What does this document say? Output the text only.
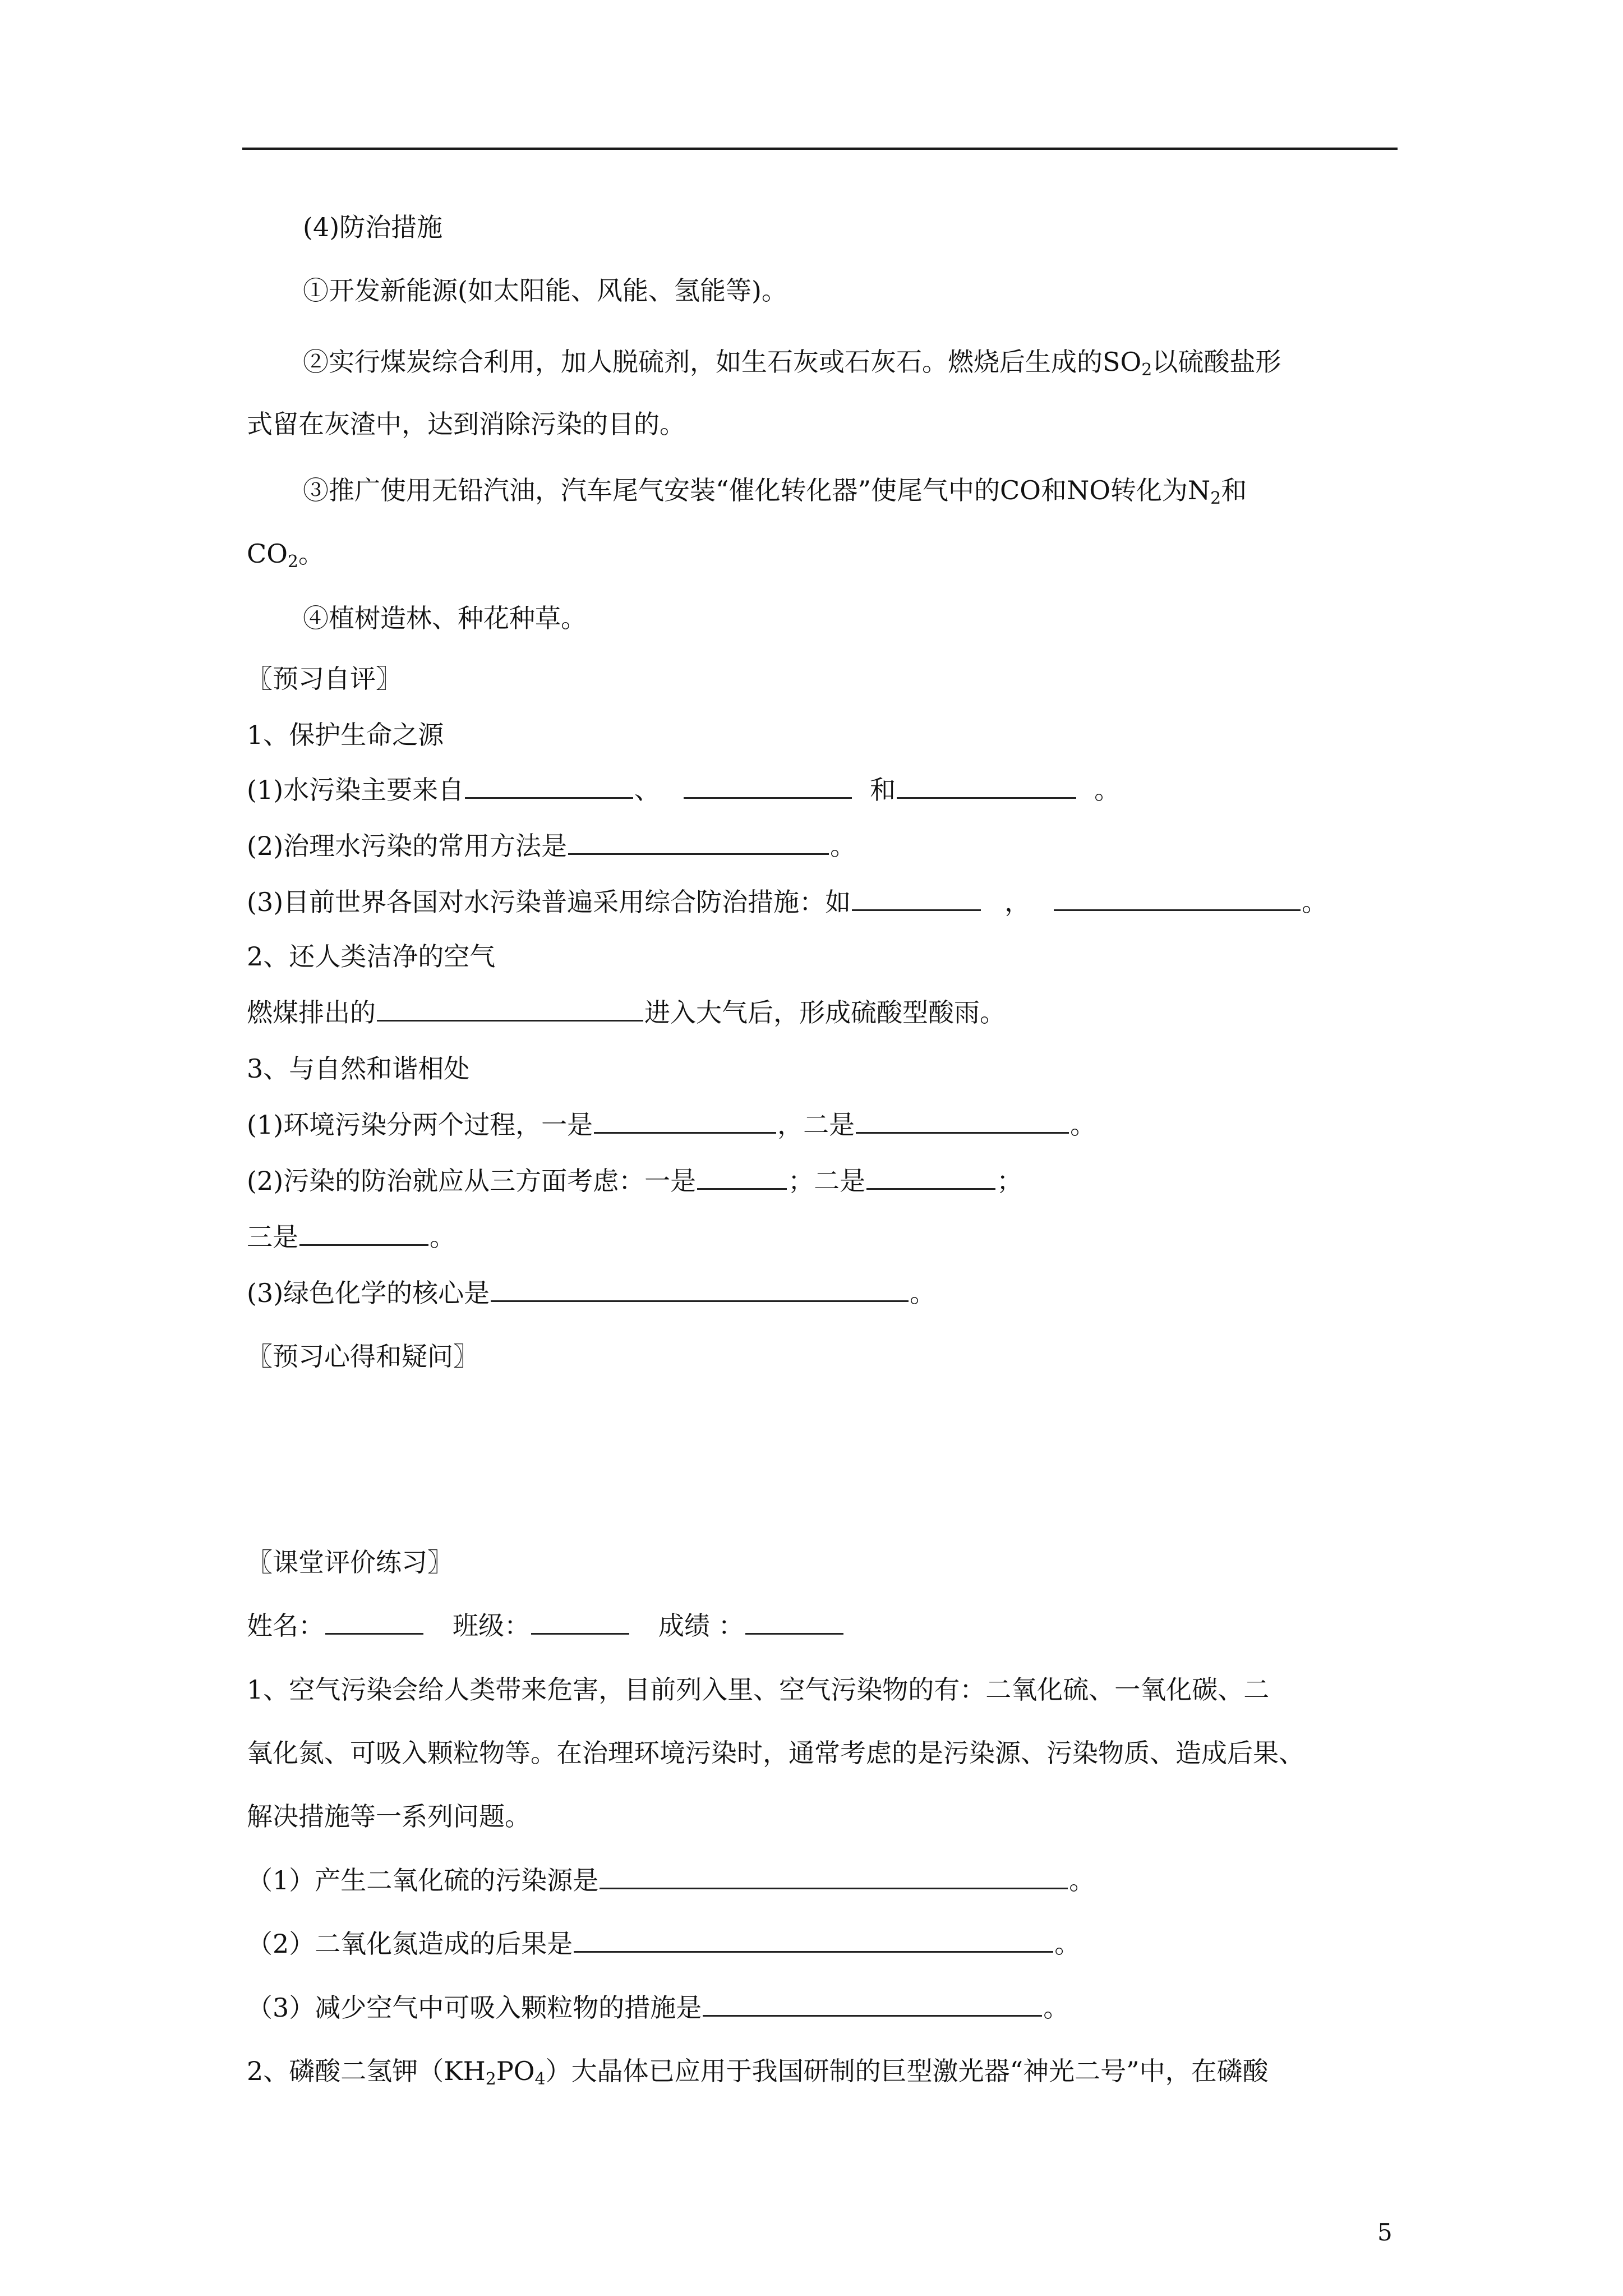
(4)防治措施
①开发新能源(如太阳能、风能、氢能等)。
②实行煤炭综合利用，加人脱硫剂，如生石灰或石灰石。燃烧后生成的$SO_2$以硫酸盐形
式留在灰渣中，达到消除污染的目的。
③推广使用无铅汽油，汽车尾气安装“催化转化器”使尾气中的CO和NO转化为$N_2$和
$CO_2$。
④植树造林、种花种草。
〖预习自评〗
1、保护生命之源
(1)水污染主要来自	、	和	。
(2)治理水污染的常用方法是	。
(3)目前世界各国对水污染普遍采用综合防治措施：如	，	。
2、还人类洁净的空气
燃煤排出的	进入大气后，形成硫酸型酸雨。
3、与自然和谐相处
(1)环境污染分两个过程，一是	，二是	。
(2)污染的防治就应从三方面考虑：一是	；二是	；
三是	。
(3)绿色化学的核心是	。
〖预习心得和疑问〗
〖课堂评价练习〗
姓名：	班级：	成绩 ：
1、空气污染会给人类带来危害，目前列入里、空气污染物的有：二氧化硫、一氧化碳、二
氧化氮、可吸入颗粒物等。在治理环境污染时，通常考虑的是污染源、污染物质、造成后果、
解决措施等一系列问题。
（1）产生二氧化硫的污染源是	。
（2）二氧化氮造成的后果是	。
（3）减少空气中可吸入颗粒物的措施是	。
2、磷酸二氢钾$(KH_2PO_4)$大晶体已应用于我国研制的巨型激光器“神光二号”中，在磷酸
5
